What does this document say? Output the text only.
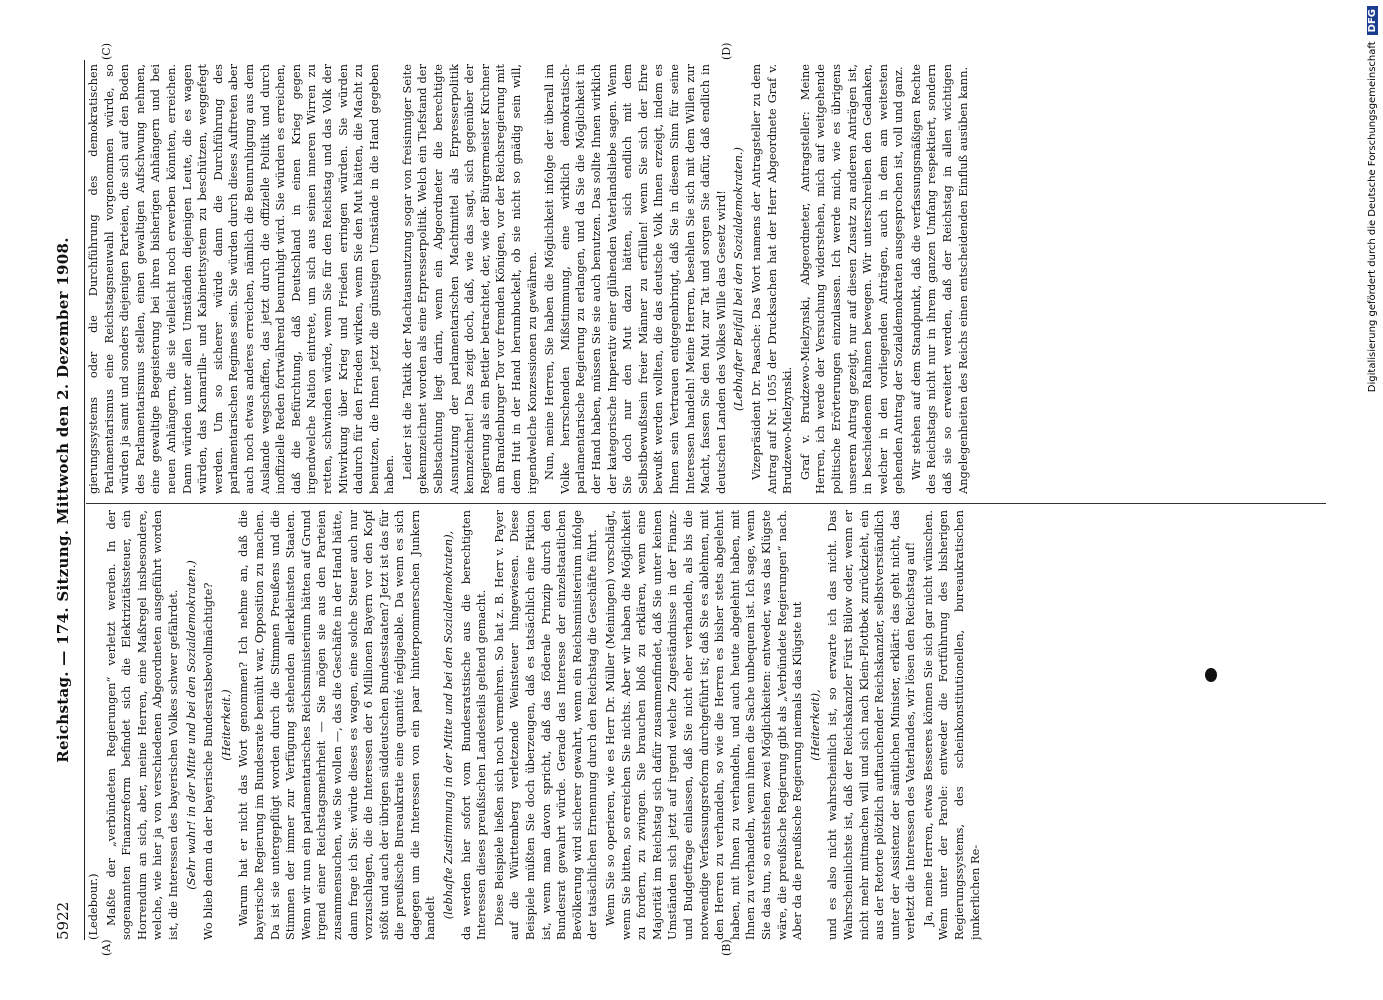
5922
Reichstag. — 174. Sitzung. Mittwoch den 2. Dezember 1908.
(A)	(B)
(C)	(D)

(Ledebour.) Maßte der „verbündeten Regierungen“ verletzt werden. In der sogenannten Finanzreform befindet sich die Elektrizitätssteuer, ein Horrendum an sich, aber, meine Herren, eine Maßregel insbesondere, welche, wie hier ja von verschiedenen Abgeordneten ausgeführt worden ist, die Interessen des bayerischen Volkes schwer gefährdet. (Sehr wahr! in der Mitte und bei den Sozialdemokraten.) Wo blieb denn da der bayerische Bundesratsbevollmächtigte? (Heiterkeit.) Warum hat er nicht das Wort genommen? Ich nehme an, daß die bayerische Regierung im Bundesrate bemüht war, Opposition zu machen. Da ist sie untergepflügt worden durch die Stimmen Preußens und die Stimmen der immer zur Verfügung stehenden allerkleinsten Staaten. Wenn wir nun ein parlamentarisches Reichsministerium hätten auf Grund irgend einer Reichstagsmehrheit — Sie mögen sie aus den Parteien zusammensuchen, wie Sie wollen —, das die Geschäfte in der Hand hätte, dann frage ich Sie: würde dieses es wagen, eine solche Steuer auch nur vorzuschlagen, die die Interessen der 6 Millionen Bayern vor den Kopf stößt und auch der übrigen süddeutschen Bundesstaaten? Jetzt ist das für die preußische Bureaukratie eine quantité négligeable. Da wenn es sich dagegen um die Interessen von ein paar hinterpommerschen Junkern handelt (lebhafte Zustimmung in der Mitte und bei den Sozialdemokraten), da werden hier sofort vom Bundesratstische aus die berechtigten Interessen dieses preußischen Landesteils geltend gemacht. Diese Beispiele ließen sich noch vermehren. So hat z. B. Herr v. Payer auf die Württemberg verletzende Weinsteuer hingewiesen. Diese Beispiele müßten Sie doch überzeugen, daß es tatsächlich eine Fiktion ist, wenn man davon spricht, daß das föderale Prinzip durch den Bundesrat gewahrt würde. Gerade das Interesse der einzelstaatlichen Bevölkerung wird sicherer gewahrt, wenn ein Reichsministerium infolge der tatsächlichen Ernennung durch den Reichstag die Geschäfte führt. Wenn Sie so operieren, wie es Herr Dr. Müller (Meiningen) vorschlägt, wenn Sie bitten, so erreichen Sie nichts. Aber wir haben die Möglichkeit zu fordern, zu zwingen. Sie brauchen bloß zu erklären, wenn eine Majorität im Reichstag sich dafür zusammenfindet, daß Sie unter keinen Umständen sich jetzt auf irgend welche Zugeständnisse in der Finanz- und Budgetfrage einlassen, daß Sie nicht eher verhandeln, als bis die notwendige Verfassungsreform durchgeführt ist; daß Sie es ablehnen, mit den Herren zu verhandeln, so wie die Herren es bisher stets abgelehnt haben, mit Ihnen zu verhandeln, und auch heute abgelehnt haben, mit Ihnen zu verhandeln, wenn ihnen die Sache unbequem ist. Ich sage, wenn Sie das tun, so entstehen zwei Möglichkeiten: entweder, was das Klügste wäre, die preußische Regierung gibt als „Verbündete Regierungen“ nach. Aber da die preußische Regierung niemals das Klügste tut (Heiterkeit), und es also nicht wahrscheinlich ist, so erwarte ich das nicht. Das Wahrscheinlichste ist, daß der Reichskanzler Fürst Bülow oder, wenn er nicht mehr mitmachen will und sich nach Klein-Flottbek zurückzieht, ein aus der Retorte plötzlich auftauchender Reichskanzler, selbstverständlich unter der Assistenz der sämtlichen Minister, erklärt: das geht nicht, das verletzt die Interessen des Vaterlandes, wir lösen den Reichstag auf! Ja, meine Herren, etwas Besseres können Sie sich gar nicht wünschen. Wenn unter der Parole: entweder die Fortführung des bisherigen Regierungssystems, des scheinkonstitutionellen, bureaukratischen junkerlichen Re-

gierungssystems oder die Durchführung des demokratischen Parlamentarismus eine Reichstagsneuwahl vorgenommen würde, so würden ja samt und sonders diejenigen Parteien, die sich auf den Boden des Parlamentarismus stellen, einen gewaltigen Aufschwung nehmen, eine gewaltige Begeisterung bei ihren bisherigen Anhängern und bei neuen Anhängern, die sie vielleicht noch erwerben könnten, erreichen. Dann würden unter allen Umständen diejenigen Leute, die es wagen würden, das Kamarilla- und Kabinettsystem zu beschützen, weggefegt werden. Um so sicherer würde dann die Durchführung des parlamentarischen Regimes sein. Sie würden durch dieses Auftreten aber auch noch etwas anderes erreichen, nämlich die Beunruhigung aus dem Auslande wegschaffen, das jetzt durch die offizielle Politik und durch inoffizielle Reden fortwährend beunruhigt wird. Sie würden es erreichen, daß die Befürchtung, daß Deutschland in einen Krieg gegen irgendwelche Nation eintrete, um sich aus seinen inneren Wirren zu retten, schwinden würde, wenn Sie für den Reichstag und das Volk der Mitwirkung über Krieg und Frieden erringen würden. Sie würden dadurch für den Frieden wirken, wenn Sie den Mut hätten, die Macht zu benutzen, die Ihnen jetzt die günstigen Umstände in die Hand gegeben haben. Leider ist die Taktik der Machtausnutzung sogar von freisinniger Seite gekennzeichnet worden als eine Erpresserpolitik. Welch ein Tiefstand der Selbstachtung liegt darin, wenn ein Abgeordneter die berechtigte Ausnutzung der parlamentarischen Machtmittel als Erpresserpolitik kennzeichnet! Das zeigt doch, daß, wie das sagt, sich gegenüber der Regierung als ein Bettler betrachtet, der, wie der Bürgermeister Kirchner am Brandenburger Tor vor fremden Königen, vor der Reichsregierung mit dem Hut in der Hand herumbuckelt, ob sie nicht so gnädig sein will, irgendwelche Konzessionen zu gewähren. Nun, meine Herren, Sie haben die Möglichkeit infolge der überall im Volke herrschenden Mißstimmung, eine wirklich demokratisch-parlamentarische Regierung zu erlangen, und da Sie die Möglichkeit in der Hand haben, müssen Sie sie auch benutzen. Das sollte Ihnen wirklich der kategorische Imperativ einer glühenden Vaterlandsliebe sagen. Wenn Sie doch nur den Mut dazu hätten, sich endlich mit dem Selbstbewußtsein freier Männer zu erfüllen! wenn Sie sich der Ehre bewußt werden wollten, die das deutsche Volk Ihnen erzeigt, indem es Ihnen sein Vertrauen entgegenbringt, daß Sie in diesem Sinn für seine Interessen handeln! Meine Herren, besehlen Sie sich mit dem Willen zur Macht, fassen Sie den Mut zur Tat und sorgen Sie dafür, daß endlich in deutschen Landen des Volkes Wille das Gesetz wird! (Lebhafter Beifall bei den Sozialdemokraten.) Vizepräsident Dr. Paasche: Das Wort namens der Antragsteller zu dem Antrag auf Nr. 1055 der Drucksachen hat der Herr Abgeordnete Graf v. Brudzewo-Mielzynski. Graf v. Brudzewo-Mielzynski, Abgeordneter, Antragsteller: Meine Herren, ich werde der Versuchung widerstehen, mich auf weitgehende politische Erörterungen einzulassen. Ich werde mich, wie es übrigens unserem Antrag gezeigt, nur auf diesen Zusatz zu anderen Anträgen ist, in beschiedenem Rahmen bewegen. Wir unterschreiben den Gedanken, welcher in den vorliegenden Anträgen, auch in dem am weitesten gehenden Antrag der Sozialdemokraten ausgesprochen ist, voll und ganz. Wir stehen auf dem Standpunkt, daß die verfassungsmäßigen Rechte des Reichstags nicht nur in ihrem ganzen Umfang respektiert, sondern daß sie so erweitert werden, daß der Reichstag in allen wichtigen Angelegenheiten des Reichs einen entscheidenden Einfluß ausüben kann.	Digitalisierung gefördert durch die Deutsche ForschungsgemeinschaftDFG
